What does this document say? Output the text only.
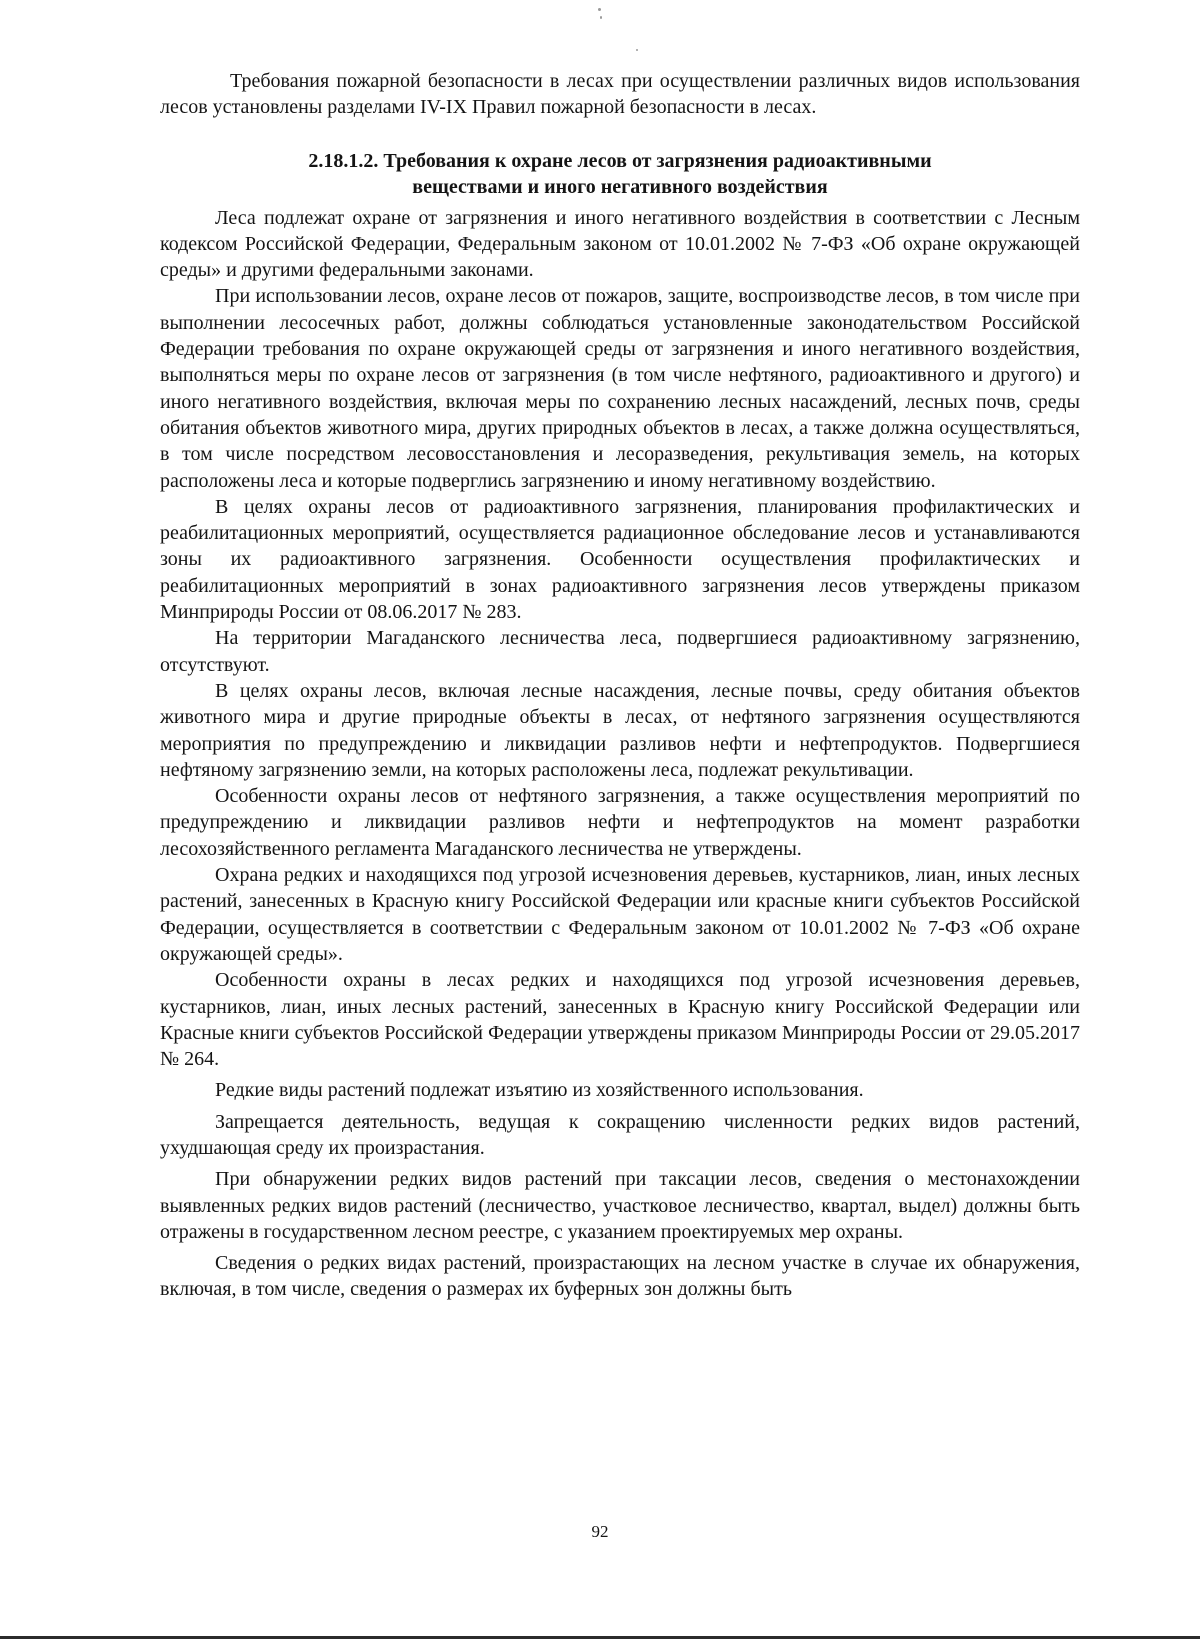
Требования пожарной безопасности в лесах при осуществлении различных видов использования лесов установлены разделами IV-IX Правил пожарной безопасности в лесах.

2.18.1.2. Требования к охране лесов от загрязнения радиоактивными
веществами и иного негативного воздействия

Леса подлежат охране от загрязнения и иного негативного воздействия в соответствии с Лесным кодексом Российской Федерации, Федеральным законом от 10.01.2002 № 7-ФЗ «Об охране окружающей среды» и другими федеральными законами.

При использовании лесов, охране лесов от пожаров, защите, воспроизводстве лесов, в том числе при выполнении лесосечных работ, должны соблюдаться установленные законодательством Российской Федерации требования по охране окружающей среды от загрязнения и иного негативного воздействия, выполняться меры по охране лесов от загрязнения (в том числе нефтяного, радиоактивного и другого) и иного негативного воздействия, включая меры по сохранению лесных насаждений, лесных почв, среды обитания объектов животного мира, других природных объектов в лесах, а также должна осуществляться, в том числе посредством лесовосстановления и лесоразведения, рекультивация земель, на которых расположены леса и которые подверглись загрязнению и иному негативному воздействию.

В целях охраны лесов от радиоактивного загрязнения, планирования профилактических и реабилитационных мероприятий, осуществляется радиационное обследование лесов и устанавливаются зоны их радиоактивного загрязнения. Особенности осуществления профилактических и реабилитационных мероприятий в зонах радиоактивного загрязнения лесов утверждены приказом Минприроды России от 08.06.2017 № 283.

На территории Магаданского лесничества леса, подвергшиеся радиоактивному загрязнению, отсутствуют.

В целях охраны лесов, включая лесные насаждения, лесные почвы, среду обитания объектов животного мира и другие природные объекты в лесах, от нефтяного загрязнения осуществляются мероприятия по предупреждению и ликвидации разливов нефти и нефтепродуктов. Подвергшиеся нефтяному загрязнению земли, на которых расположены леса, подлежат рекультивации.

Особенности охраны лесов от нефтяного загрязнения, а также осуществления мероприятий по предупреждению и ликвидации разливов нефти и нефтепродуктов на момент разработки лесохозяйственного регламента Магаданского лесничества не утверждены.

Охрана редких и находящихся под угрозой исчезновения деревьев, кустарников, лиан, иных лесных растений, занесенных в Красную книгу Российской Федерации или красные книги субъектов Российской Федерации, осуществляется в соответствии с Федеральным законом от 10.01.2002 № 7-ФЗ «Об охране окружающей среды».

Особенности охраны в лесах редких и находящихся под угрозой исчезновения деревьев, кустарников, лиан, иных лесных растений, занесенных в Красную книгу Российской Федерации или Красные книги субъектов Российской Федерации утверждены приказом Минприроды России от 29.05.2017 № 264.

Редкие виды растений подлежат изъятию из хозяйственного использования.

Запрещается деятельность, ведущая к сокращению численности редких видов растений, ухудшающая среду их произрастания.

При обнаружении редких видов растений при таксации лесов, сведения о местонахождении выявленных редких видов растений (лесничество, участковое лесничество, квартал, выдел) должны быть отражены в государственном лесном реестре, с указанием проектируемых мер охраны.

Сведения о редких видах растений, произрастающих на лесном участке в случае их обнаружения, включая, в том числе, сведения о размерах их буферных зон должны быть

92
